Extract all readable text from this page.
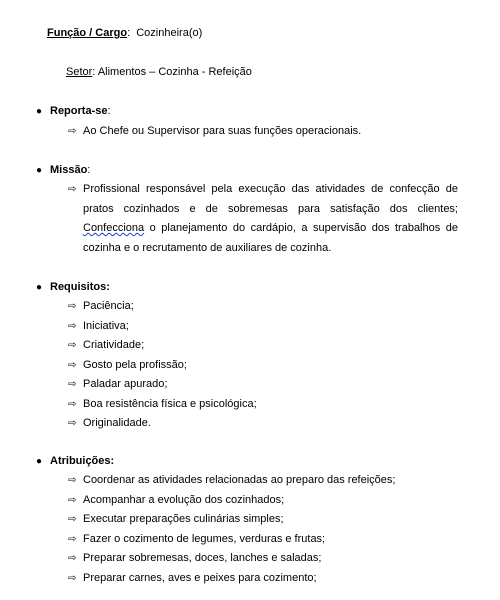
Função / Cargo:  Cozinheira(o)
Setor: Alimentos – Cozinha - Refeição
● Reporta-se:
⇨ Ao Chefe ou Supervisor para suas funções operacionais.
● Missão:
⇨ Profissional responsável pela execução das atividades de confecção de pratos cozinhados e de sobremesas para satisfação dos clientes; Confecciona o planejamento do cardápio, a supervisão dos trabalhos de cozinha e o recrutamento de auxiliares de cozinha.
● Requisitos:
⇨ Paciência;
⇨ Iniciativa;
⇨ Criatividade;
⇨ Gosto pela profissão;
⇨ Paladar apurado;
⇨ Boa resistência física e psicológica;
⇨ Originalidade.
● Atribuições:
⇨ Coordenar as atividades relacionadas ao preparo das refeições;
⇨ Acompanhar a evolução dos cozinhados;
⇨ Executar preparações culinárias simples;
⇨ Fazer o cozimento de legumes, verduras e frutas;
⇨ Preparar sobremesas, doces, lanches e saladas;
⇨ Preparar carnes, aves e peixes para cozimento;
